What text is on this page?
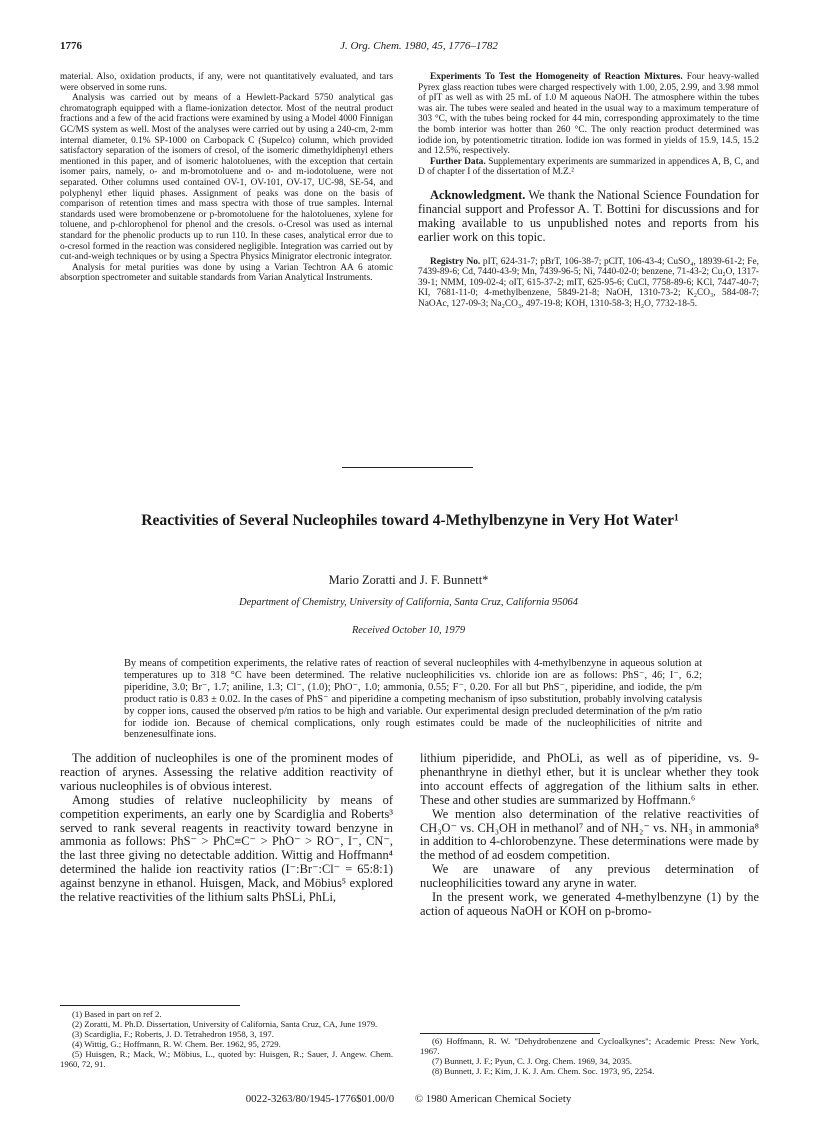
1776	J. Org. Chem. 1980, 45, 1776–1782

material. Also, oxidation products, if any, were not quantitatively evaluated, and tars were observed in some runs.

Analysis was carried out by means of a Hewlett-Packard 5750 analytical gas chromatograph equipped with a flame-ionization detector. Most of the neutral product fractions and a few of the acid fractions were examined by using a Model 4000 Finnigan GC/MS system as well. Most of the analyses were carried out by using a 240-cm, 2-mm internal diameter, 0.1% SP-1000 on Carbopack C (Supelco) column, which provided satisfactory separation of the isomers of cresol, of the isomeric dimethyldiphenyl ethers mentioned in this paper, and of isomeric halotoluenes, with the exception that certain isomer pairs, namely, o- and m-bromotoluene and o- and m-iodotoluene, were not separated. Other columns used contained OV-1, OV-101, OV-17, UC-98, SE-54, and polyphenyl ether liquid phases. Assignment of peaks was done on the basis of comparison of retention times and mass spectra with those of true samples. Internal standards used were bromobenzene or p-bromotoluene for the halotoluenes, xylene for toluene, and p-chlorophenol for phenol and the cresols. o-Cresol was used as internal standard for the phenolic products up to run 110. In these cases, analytical error due to o-cresol formed in the reaction was considered negligible. Integration was carried out by cut-and-weigh techniques or by using a Spectra Physics Minigrator electronic integrator.

Analysis for metal purities was done by using a Varian Techtron AA 6 atomic absorption spectrometer and suitable standards from Varian Analytical Instruments.

Experiments To Test the Homogeneity of Reaction Mixtures. Four heavy-walled Pyrex glass reaction tubes were charged respectively with 1.00, 2.05, 2.99, and 3.98 mmol of pIT as well as with 25 mL of 1.0 M aqueous NaOH. The atmosphere within the tubes was air. The tubes were sealed and heated in the usual way to a maximum temperature of 303 °C, with the tubes being rocked for 44 min, corresponding approximately to the time the bomb interior was hotter than 260 °C. The only reaction product determined was iodide ion, by potentiometric titration. Iodide ion was formed in yields of 15.9, 14.5, 15.2 and 12.5%, respectively.

Further Data. Supplementary experiments are summarized in appendices A, B, C, and D of chapter I of the dissertation of M.Z.²

Acknowledgment. We thank the National Science Foundation for financial support and Professor A. T. Bottini for discussions and for making available to us unpublished notes and reports from his earlier work on this topic.

Registry No. pIT, 624-31-7; pBrT, 106-38-7; pClT, 106-43-4; CuSO₄, 18939-61-2; Fe, 7439-89-6; Cd, 7440-43-9; Mn, 7439-96-5; Ni, 7440-02-0; benzene, 71-43-2; Cu₂O, 1317-39-1; NMM, 109-02-4; oIT, 615-37-2; mIT, 625-95-6; CuCl, 7758-89-6; KCl, 7447-40-7; KI, 7681-11-0; 4-methylbenzene, 5849-21-8; NaOH, 1310-73-2; K₂CO₃, 584-08-7; NaOAc, 127-09-3; Na₂CO₃, 497-19-8; KOH, 1310-58-3; H₂O, 7732-18-5.

Reactivities of Several Nucleophiles toward 4-Methylbenzyne in Very Hot Water¹
Mario Zoratti and J. F. Bunnett*
Department of Chemistry, University of California, Santa Cruz, California 95064
Received October 10, 1979
By means of competition experiments, the relative rates of reaction of several nucleophiles with 4-methylbenzyne in aqueous solution at temperatures up to 318 °C have been determined. The relative nucleophilicities vs. chloride ion are as follows: PhS⁻, 46; I⁻, 6.2; piperidine, 3.0; Br⁻, 1.7; aniline, 1.3; Cl⁻, (1.0); PhO⁻, 1.0; ammonia, 0.55; F⁻, 0.20. For all but PhS⁻, piperidine, and iodide, the p/m product ratio is 0.83 ± 0.02. In the cases of PhS⁻ and piperidine a competing mechanism of ipso substitution, probably involving catalysis by copper ions, caused the observed p/m ratios to be high and variable. Our experimental design precluded determination of the p/m ratio for iodide ion. Because of chemical complications, only rough estimates could be made of the nucleophilicities of nitrite and benzenesulfinate ions.

The addition of nucleophiles is one of the prominent modes of reaction of arynes. Assessing the relative addition reactivity of various nucleophiles is of obvious interest.

Among studies of relative nucleophilicity by means of competition experiments, an early one by Scardiglia and Roberts³ served to rank several reagents in reactivity toward benzyne in ammonia as follows: PhS⁻ > PhC≡C⁻ > PhO⁻ > RO⁻, I⁻, CN⁻, the last three giving no detectable addition. Wittig and Hoffmann⁴ determined the halide ion reactivity ratios (I⁻:Br⁻:Cl⁻ = 65:8:1) against benzyne in ethanol. Huisgen, Mack, and Möbius⁵ explored the relative reactivities of the lithium salts PhSLi, PhLi,

lithium piperidide, and PhOLi, as well as of piperidine, vs. 9-phenanthryne in diethyl ether, but it is unclear whether they took into account effects of aggregation of the lithium salts in ether. These and other studies are summarized by Hoffmann.⁶

We mention also determination of the relative reactivities of CH₃O⁻ vs. CH₃OH in methanol⁷ and of NH₂⁻ vs. NH₃ in ammonia⁸ in addition to 4-chlorobenzyne. These determinations were made by the method of ad eosdem competition.

We are unaware of any previous determination of nucleophilicities toward any aryne in water.

In the present work, we generated 4-methylbenzyne (1) by the action of aqueous NaOH or KOH on p-bromo-

(1) Based in part on ref 2.

(2) Zoratti, M. Ph.D. Dissertation, University of California, Santa Cruz, CA, June 1979.

(3) Scardiglia, F.; Roberts, J. D. Tetrahedron 1958, 3, 197.

(4) Wittig, G.; Hoffmann, R. W. Chem. Ber. 1962, 95, 2729.

(5) Huisgen, R.; Mack, W.; Möbius, L., quoted by: Huisgen, R.; Sauer, J. Angew. Chem. 1960, 72, 91.

(6) Hoffmann, R. W. "Dehydrobenzene and Cycloalkynes"; Academic Press: New York, 1967.

(7) Bunnett, J. F.; Pyun, C. J. Org. Chem. 1969, 34, 2035.

(8) Bunnett, J. F.; Kim, J. K. J. Am. Chem. Soc. 1973, 95, 2254.

0022-3263/80/1945-1776$01.00/0 © 1980 American Chemical Society
